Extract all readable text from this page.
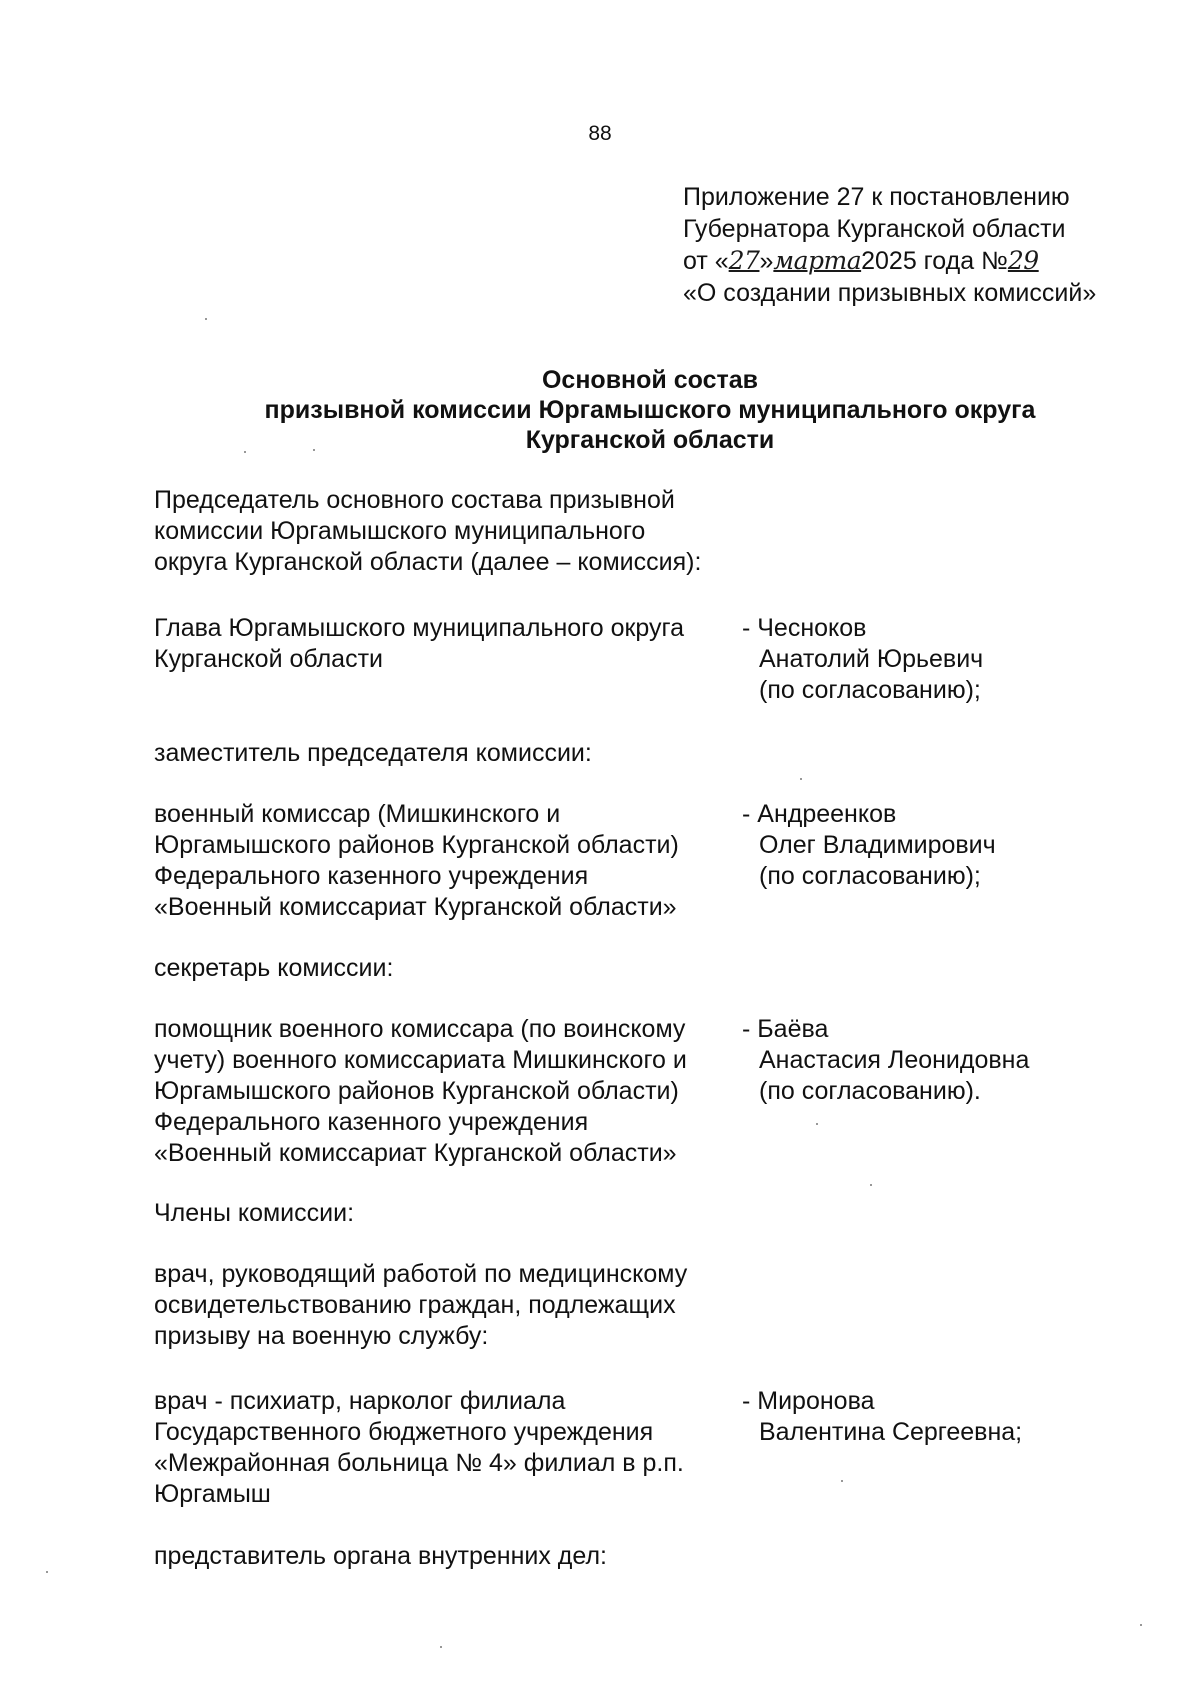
88
Приложение 27 к постановлению
Губернатора Курганской области
от «27»марта2025 года №29
«О создании призывных комиссий»
Основной состав
призывной комиссии Юргамышского муниципального округа
Курганской области
Председатель основного состава призывной
комиссии Юргамышского муниципального
округа Курганской области (далее – комиссия):
Глава Юргамышского муниципального округа
Курганской области
- Чесноков
Анатолий Юрьевич
(по согласованию);
заместитель председателя комиссии:
военный комиссар (Мишкинского и
Юргамышского районов Курганской области)
Федерального казенного учреждения
«Военный комиссариат Курганской области»
- Андреенков
Олег Владимирович
(по согласованию);
секретарь комиссии:
помощник военного комиссара (по воинскому
учету) военного комиссариата Мишкинского и
Юргамышского районов Курганской области)
Федерального казенного учреждения
«Военный комиссариат Курганской области»
- Баёва
Анастасия Леонидовна
(по согласованию).
Члены комиссии:
врач, руководящий работой по медицинскому
освидетельствованию граждан, подлежащих
призыву на военную службу:
врач - психиатр, нарколог филиала
Государственного бюджетного учреждения
«Межрайонная больница № 4» филиал в р.п.
Юргамыш
- Миронова
Валентина Сергеевна;
представитель органа внутренних дел:
